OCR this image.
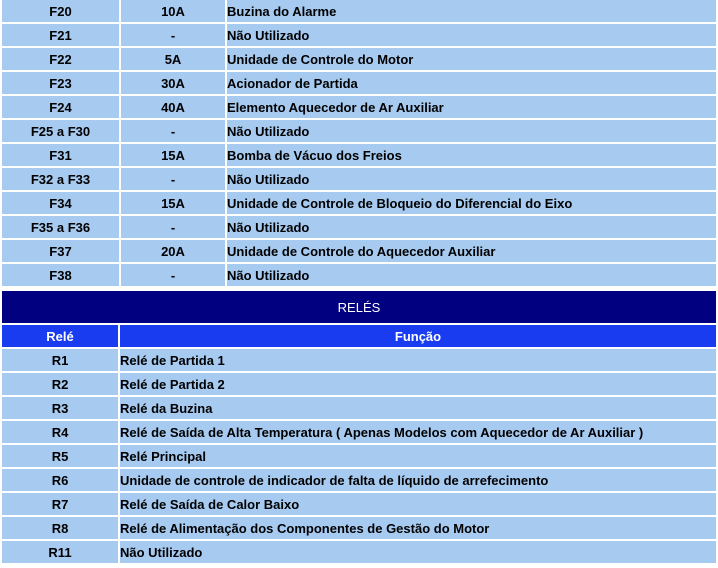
F20	10A	Buzina do Alarme
F21	-	Não Utilizado
F22	5A	Unidade de Controle do Motor
F23	30A	Acionador de Partida
F24	40A	Elemento Aquecedor de Ar Auxiliar
F25 a F30	-	Não Utilizado
F31	15A	Bomba de Vácuo dos Freios
F32 a F33	-	Não Utilizado
F34	15A	Unidade de Controle de Bloqueio do Diferencial do Eixo
F35 a F36	-	Não Utilizado
F37	20A	Unidade de Controle do Aquecedor Auxiliar
F38	-	Não Utilizado
RELÉS	
Relé	Função
R1	Relé de Partida 1
R2	Relé de Partida 2
R3	Relé da Buzina
R4	Relé de Saída de Alta Temperatura ( Apenas Modelos com Aquecedor de Ar Auxiliar )
R5	Relé Principal
R6	Unidade de controle de indicador de falta de líquido de arrefecimento
R7	Relé de Saída de Calor Baixo
R8	Relé de Alimentação dos Componentes de Gestão do Motor
R11	Não Utilizado
